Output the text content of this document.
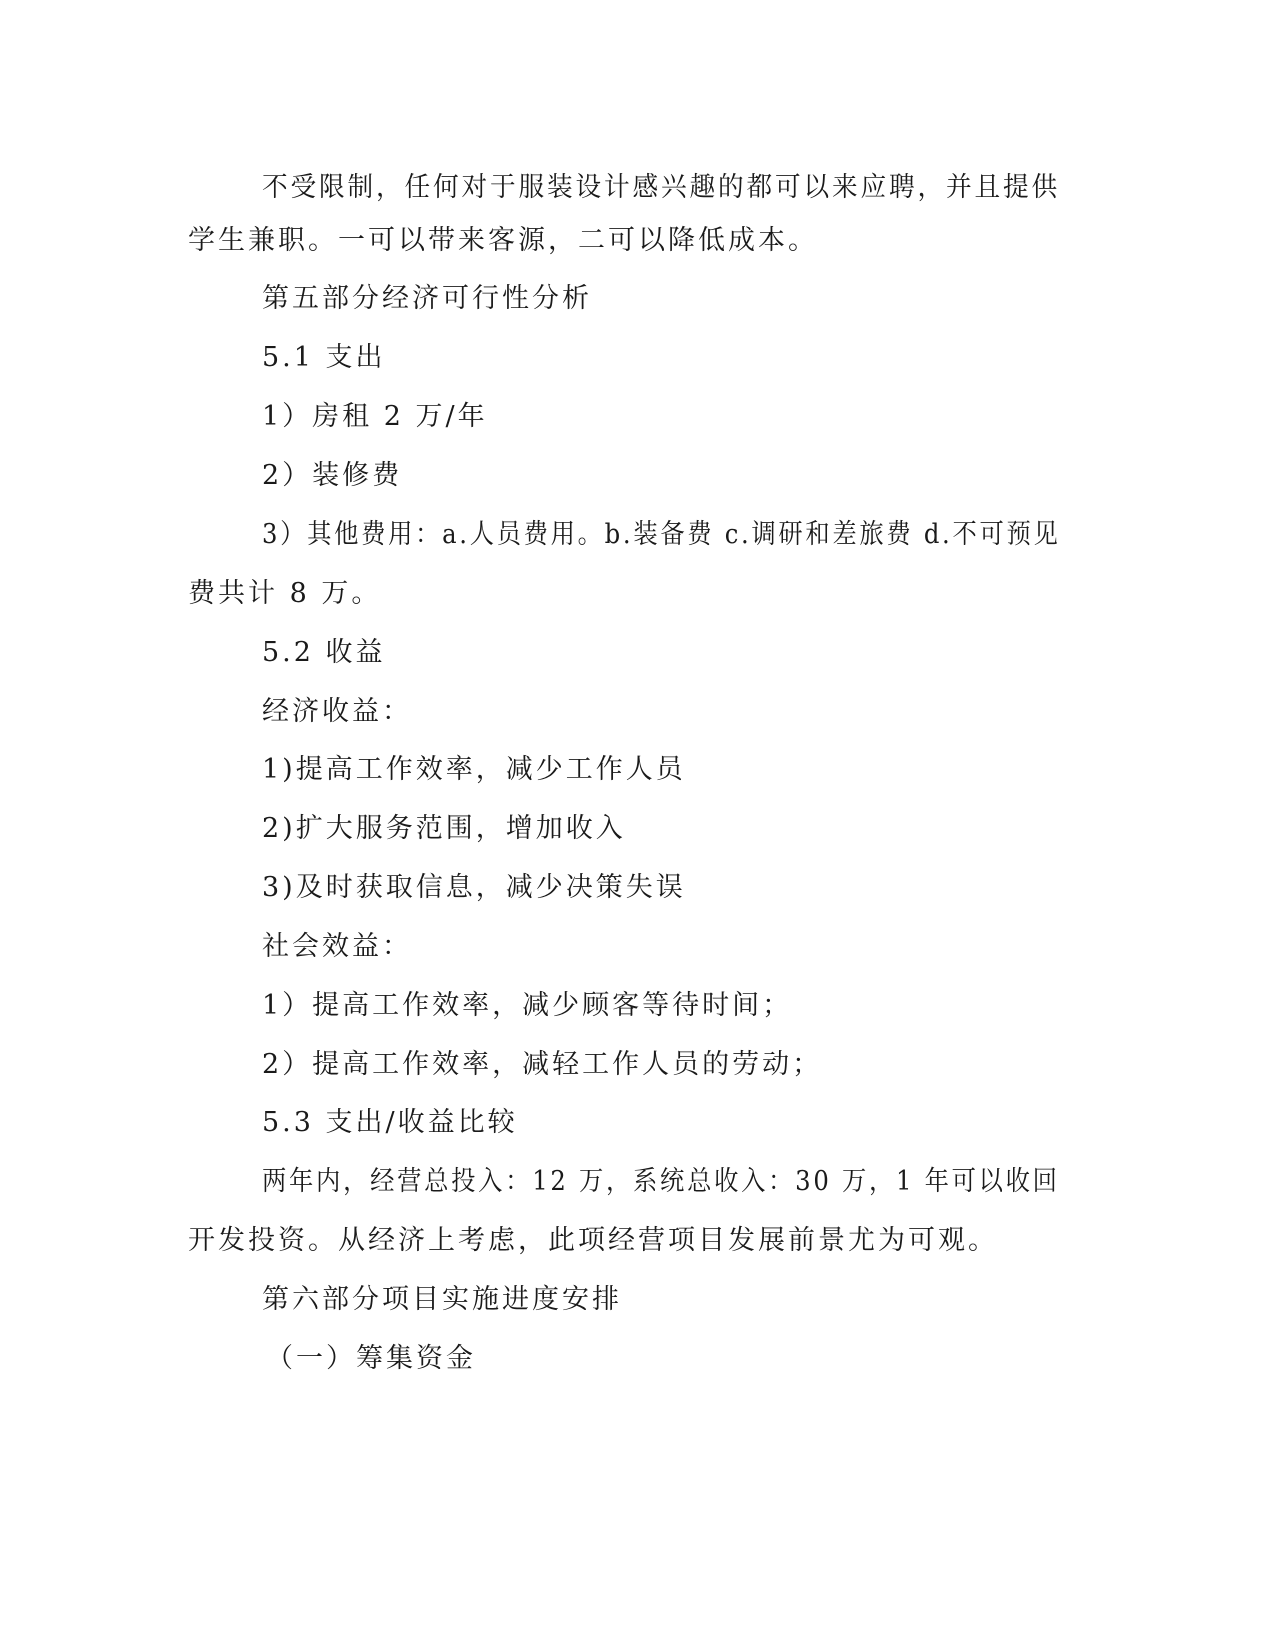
不受限制，任何对于服装设计感兴趣的都可以来应聘，并且提供
学生兼职。一可以带来客源，二可以降低成本。
第五部分经济可行性分析
5.1 支出
1）房租 2 万/年
2）装修费
3）其他费用：a.人员费用。b.装备费 c.调研和差旅费 d.不可预见
费共计 8 万。
5.2 收益
经济收益：
1)提高工作效率，减少工作人员
2)扩大服务范围，增加收入
3)及时获取信息，减少决策失误
社会效益：
1）提高工作效率，减少顾客等待时间；
2）提高工作效率，减轻工作人员的劳动；
5.3 支出/收益比较
两年内，经营总投入：12 万，系统总收入：30 万，1 年可以收回
开发投资。从经济上考虑，此项经营项目发展前景尤为可观。
第六部分项目实施进度安排
（一）筹集资金
